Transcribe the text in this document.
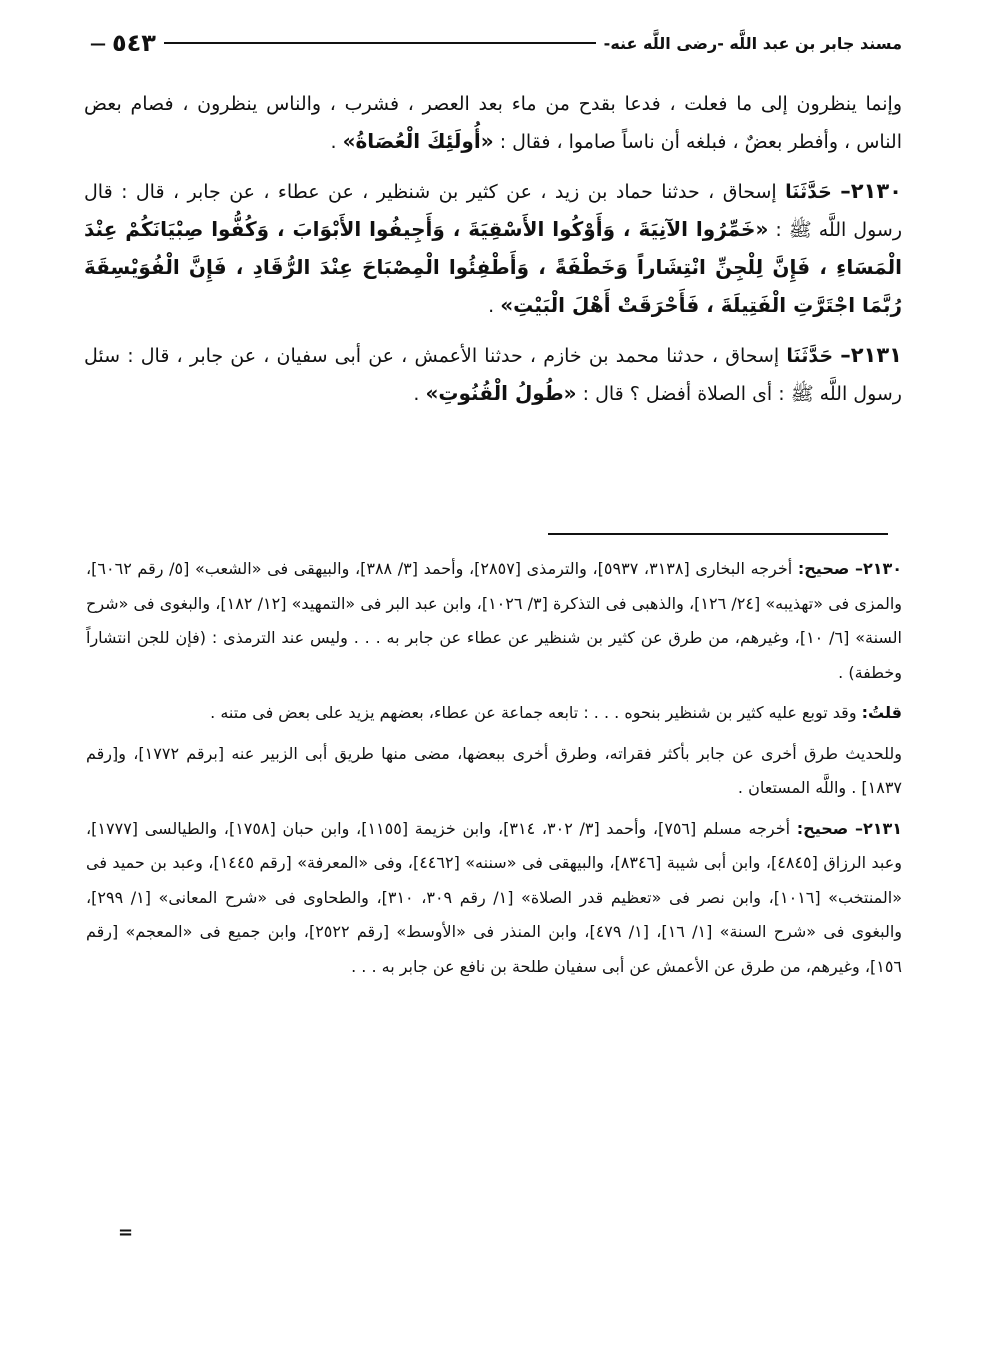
مسند جابر بن عبد اللَّه -رضى اللَّه عنه-
٥٤٣
—

وإنما ينظرون إلى ما فعلت ، فدعا بقدح من ماء بعد العصر ، فشرب ، والناس ينظرون ، فصام بعض الناس ، وأفطر بعضٌ ، فبلغه أن ناساً صاموا ، فقال : «أُولَئِكَ الْعُصَاةُ» .

٢١٣٠– حَدَّثَنَا إسحاق ، حدثنا حماد بن زيد ، عن كثير بن شنظير ، عن عطاء ، عن جابر ، قال : قال رسول اللَّه ﷺ : «خَمِّرُوا الآنِيَةَ ، وَأَوْكُوا الأَسْقِيَةَ ، وَأَجِيفُوا الأَبْوَابَ ، وَكُفُّوا صِبْيَانَكُمْ عِنْدَ الْمَسَاءِ ، فَإِنَّ لِلْجِنِّ انْتِشَاراً وَخَطْفَةً ، وَأَطْفِئُوا الْمِصْبَاحَ عِنْدَ الرُّقَادِ ، فَإِنَّ الْفُوَيْسِقَةَ رُبَّمَا اجْتَرَّتِ الْفَتِيلَةَ ، فَأَحْرَقَتْ أَهْلَ الْبَيْتِ» .

٢١٣١– حَدَّثَنَا إسحاق ، حدثنا محمد بن خازم ، حدثنا الأعمش ، عن أبى سفيان ، عن جابر ، قال : سئل رسول اللَّه ﷺ : أى الصلاة أفضل ؟ قال : «طُولُ الْقُنُوتِ» .

٢١٣٠– صحيح: أخرجه البخارى [٣١٣٨، ٥٩٣٧]، والترمذى [٢٨٥٧]، وأحمد [٣/ ٣٨٨]، والبيهقى فى «الشعب» [٥/ رقم ٦٠٦٢]، والمزى فى «تهذيبه» [٢٤/ ١٢٦]، والذهبى فى التذكرة [٣/ ١٠٢٦]، وابن عبد البر فى «التمهيد» [١٢/ ١٨٢]، والبغوى فى «شرح السنة» [٦/ ١٠]، وغيرهم، من طرق عن كثير بن شنظير عن عطاء عن جابر به . . . وليس عند الترمذى : (فإن للجن انتشاراً وخطفة) .

قلتُ: وقد توبع عليه كثير بن شنظير بنحوه . . . : تابعه جماعة عن عطاء، بعضهم يزيد على بعض فى متنه .

وللحديث طرق أخرى عن جابر بأكثر فقراته، وطرق أخرى ببعضها، مضى منها طريق أبى الزبير عنه [برقم ١٧٧٢]، و[رقم ١٨٣٧] . واللَّه المستعان .

٢١٣١– صحيح: أخرجه مسلم [٧٥٦]، وأحمد [٣/ ٣٠٢، ٣١٤]، وابن خزيمة [١١٥٥]، وابن حبان [١٧٥٨]، والطيالسى [١٧٧٧]، وعبد الرزاق [٤٨٤٥]، وابن أبى شيبة [٨٣٤٦]، والبيهقى فى «سننه» [٤٤٦٢]، وفى «المعرفة» [رقم ١٤٤٥]، وعبد بن حميد فى «المنتخب» [١٠١٦]، وابن نصر فى «تعظيم قدر الصلاة» [١/ رقم ٣٠٩، ٣١٠]، والطحاوى فى «شرح المعانى» [١/ ٢٩٩]، والبغوى فى «شرح السنة» [١/ ١٦]، [١/ ٤٧٩]، وابن المنذر فى «الأوسط» [رقم ٢٥٢٢]، وابن جميع فى «المعجم» [رقم ١٥٦]، وغيرهم، من طرق عن الأعمش عن أبى سفيان طلحة بن نافع عن جابر به . . .

=
